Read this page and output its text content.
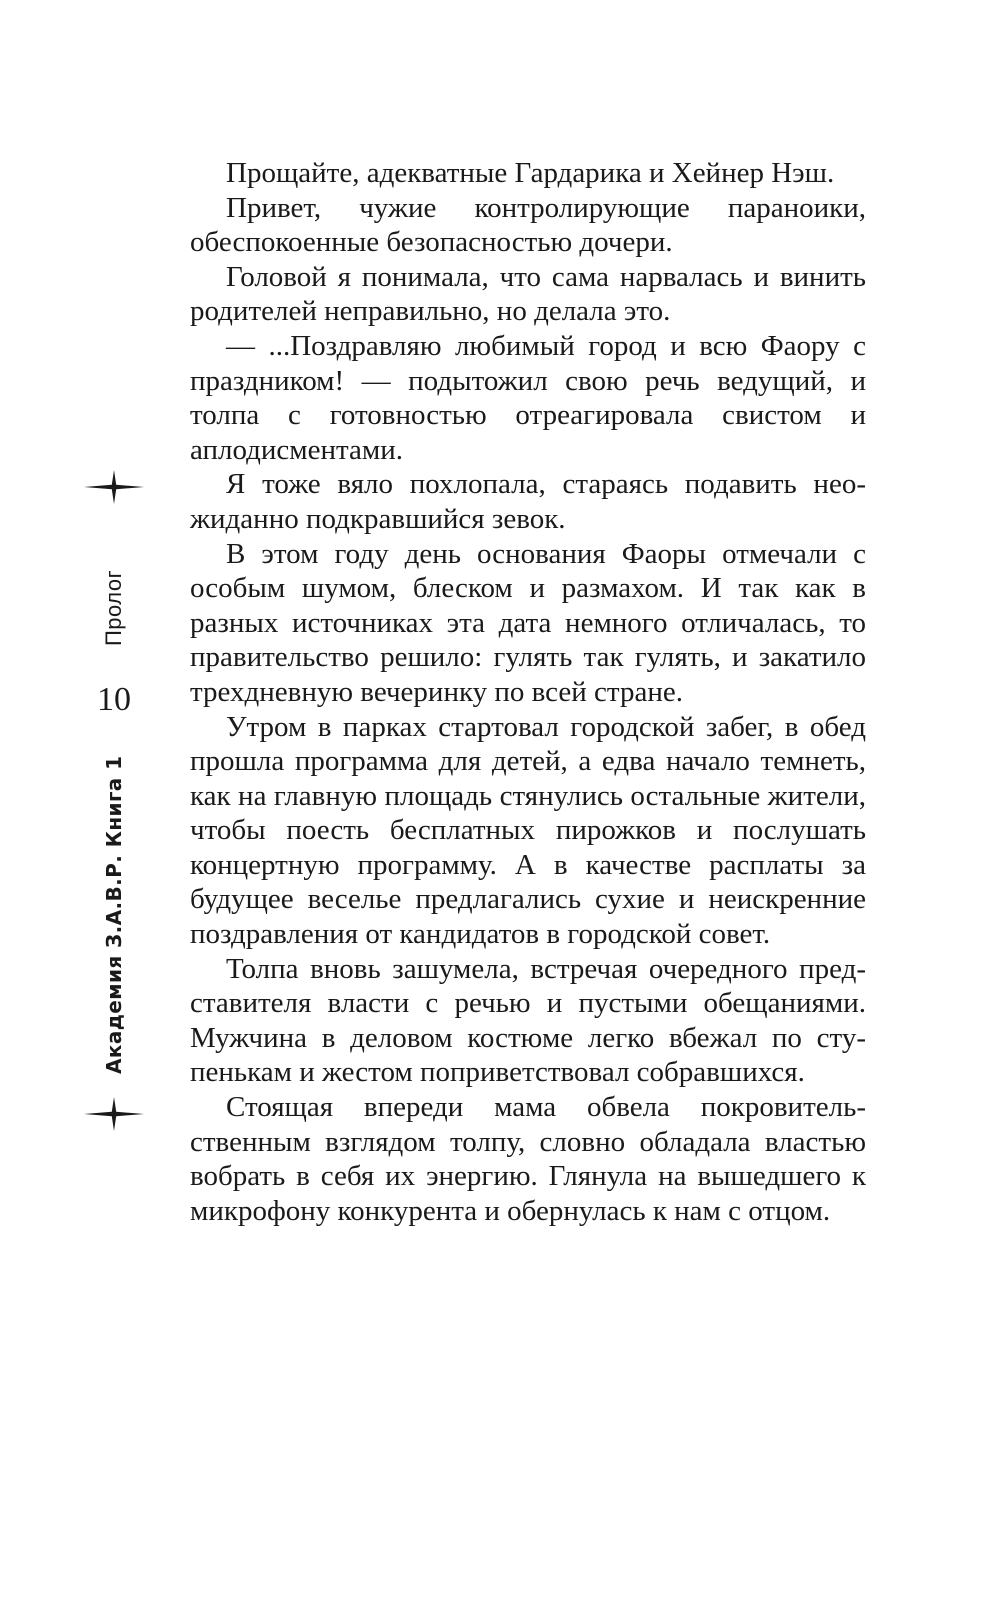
Пролог
10
Академия З.А.В.Р. Книга 1

Прощайте, адекватные Гардарика и Хейнер Нэш.

Привет, чужие контролирующие параноики, обеспокоенные безопасностью дочери.

Головой я понимала, что сама нарвалась и винить родителей неправильно, но делала это.

— ...Поздравляю любимый город и всю Фаору с праздником! — подытожил свою речь ведущий, и толпа с готовностью отреагировала свистом и аплодисментами.

Я тоже вяло похлопала, стараясь подавить неожиданно подкравшийся зевок.

В этом году день основания Фаоры отмечали с особым шумом, блеском и размахом. И так как в разных источниках эта дата немного отличалась, то правительство решило: гулять так гулять, и закатило трехдневную вечеринку по всей стране.

Утром в парках стартовал городской забег, в обед прошла программа для детей, а едва начало темнеть, как на главную площадь стянулись остальные жители, чтобы поесть бесплатных пирожков и послушать концертную программу. А в качестве расплаты за будущее веселье предлагались сухие и неискренние поздравления от кандидатов в городской совет.

Толпа вновь зашумела, встречая очередного представителя власти с речью и пустыми обещаниями. Мужчина в деловом костюме легко вбежал по ступенькам и жестом поприветствовал собравшихся.

Стоящая впереди мама обвела покровительственным взглядом толпу, словно обладала властью вобрать в себя их энергию. Глянула на вышедшего к микрофону конкурента и обернулась к нам с отцом.
